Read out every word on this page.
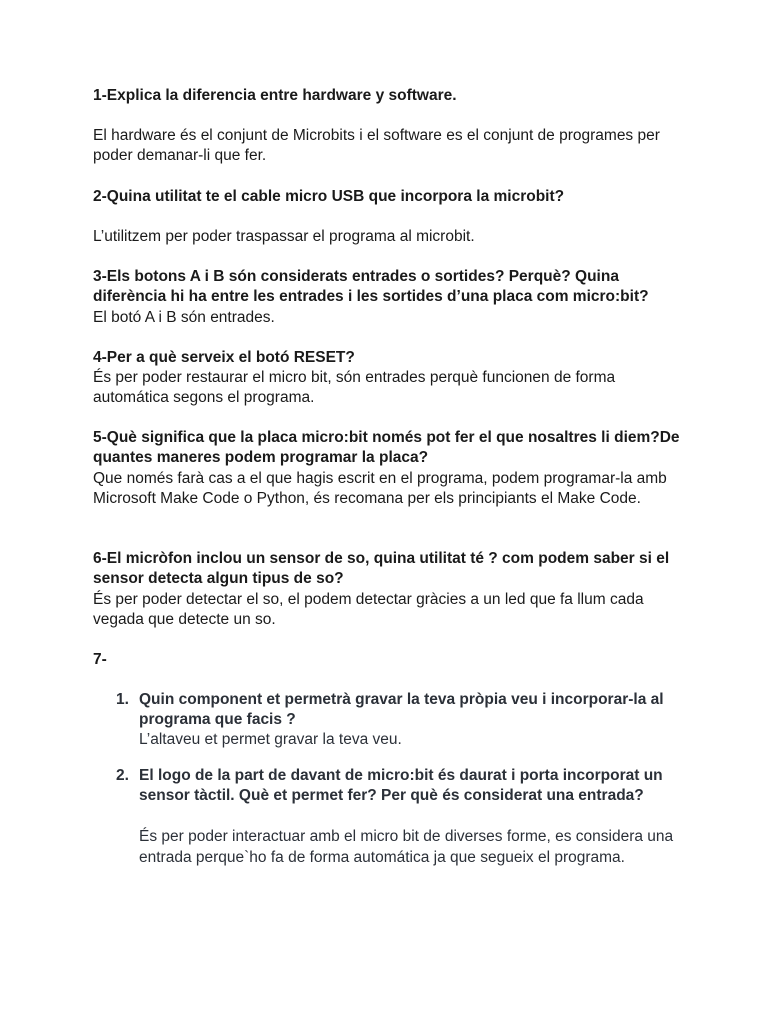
1-Explica la diferencia entre hardware y software.

El hardware és el conjunt de Microbits i el software es el conjunt de programes per poder demanar-li que fer.

2-Quina utilitat te el cable micro USB que incorpora la microbit?

L’utilitzem per poder traspassar el programa al microbit.

3-Els botons A i B són considerats entrades o sortides? Perquè? Quina diferència hi ha entre les entrades i les sortides d’una placa com micro:bit?

El botó A i B són entrades.

4-Per a què serveix el botó RESET?

És per poder restaurar el micro bit, són entrades perquè funcionen de forma automática segons el programa.

5-Què significa que la placa micro:bit només pot fer el que nosaltres li diem?De quantes maneres podem programar la placa?

Que només farà cas a el que hagis escrit en el programa, podem programar-la amb Microsoft Make Code o Python, és recomana per els principiants el Make Code.

6-El micròfon inclou un sensor de so, quina utilitat té ? com podem saber si el sensor detecta algun tipus de so?

És per poder detectar el so, el podem detectar gràcies a un led que fa llum cada vegada que detecte un so.

7-

1. Quin component et permetrà gravar la teva pròpia veu i incorporar-la al programa que facis ?
L’altaveu et permet gravar la teva veu.
2. El logo de la part de davant de micro:bit és daurat i porta incorporat un sensor tàctil. Què et permet fer? Per què és considerat una entrada?
És per poder interactuar amb el micro bit de diverses forme, es considera una entrada perque`ho fa de forma automática ja que segueix el programa.
